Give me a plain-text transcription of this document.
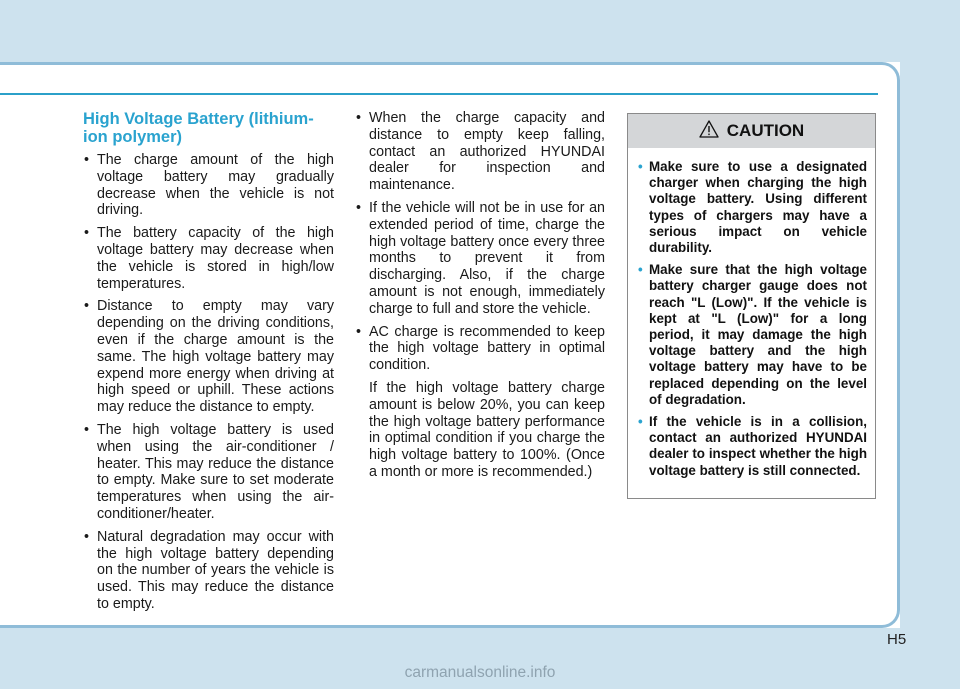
High Voltage Battery (lithium-ion polymer)
• The charge amount of the high voltage battery may gradually decrease when the vehicle is not driving.
• The battery capacity of the high voltage battery may decrease when the vehicle is stored in high/low temperatures.
• Distance to empty may vary depending on the driving conditions, even if the charge amount is the same. The high voltage battery may expend more energy when driving at high speed or uphill. These actions may reduce the distance to empty.
• The high voltage battery is used when using the air-conditioner / heater. This may reduce the distance to empty. Make sure to set moderate temperatures when using the air-conditioner/heater.
• Natural degradation may occur with the high voltage battery depending on the number of years the vehicle is used. This may reduce the distance to empty.
• When the charge capacity and distance to empty keep falling, contact an authorized HYUNDAI dealer for inspection and maintenance.
• If the vehicle will not be in use for an extended period of time, charge the high voltage battery once every three months to prevent it from discharging. Also, if the charge amount is not enough, immediately charge to full and store the vehicle.
• AC charge is recommended to keep the high voltage battery in optimal condition.

If the high voltage battery charge amount is below 20%, you can keep the high voltage battery performance in optimal condition if you charge the high voltage battery to 100%. (Once a month or more is recommended.)

CAUTION
• Make sure to use a designated charger when charging the high voltage battery. Using different types of chargers may have a serious impact on vehicle durability.
• Make sure that the high voltage battery charger gauge does not reach "L (Low)". If the vehicle is kept at "L (Low)" for a long period, it may damage the high voltage battery and the high voltage battery may have to be replaced depending on the level of degradation.
• If the vehicle is in a collision, contact an authorized HYUNDAI dealer to inspect whether the high voltage battery is still connected.
H5
carmanualsonline.info
